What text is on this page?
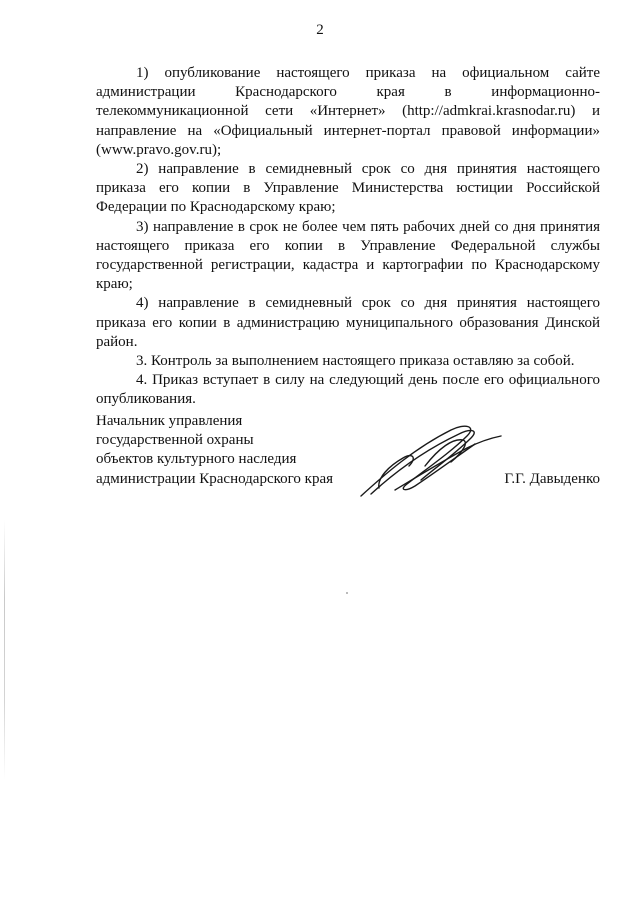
2

1) опубликование настоящего приказа на официальном сайте администрации Краснодарского края в информационно-телекоммуникационной сети «Интернет» (http://admkrai.krasnodar.ru) и направление на «Официальный интернет-портал правовой информации» (www.pravo.gov.ru);

2) направление в семидневный срок со дня принятия настоящего приказа его копии в Управление Министерства юстиции Российской Федерации по Краснодарскому краю;

3) направление в срок не более чем пять рабочих дней со дня принятия настоящего приказа его копии в Управление Федеральной службы государственной регистрации, кадастра и картографии по Краснодарскому краю;

4) направление в семидневный срок со дня принятия настоящего приказа его копии в администрацию муниципального образования Динской район.

3. Контроль за выполнением настоящего приказа оставляю за собой.

4. Приказ вступает в силу на следующий день после его официального опубликования.

Начальник управления
государственной охраны
объектов культурного наследия
администрации Краснодарского края	Г.Г. Давыденко
